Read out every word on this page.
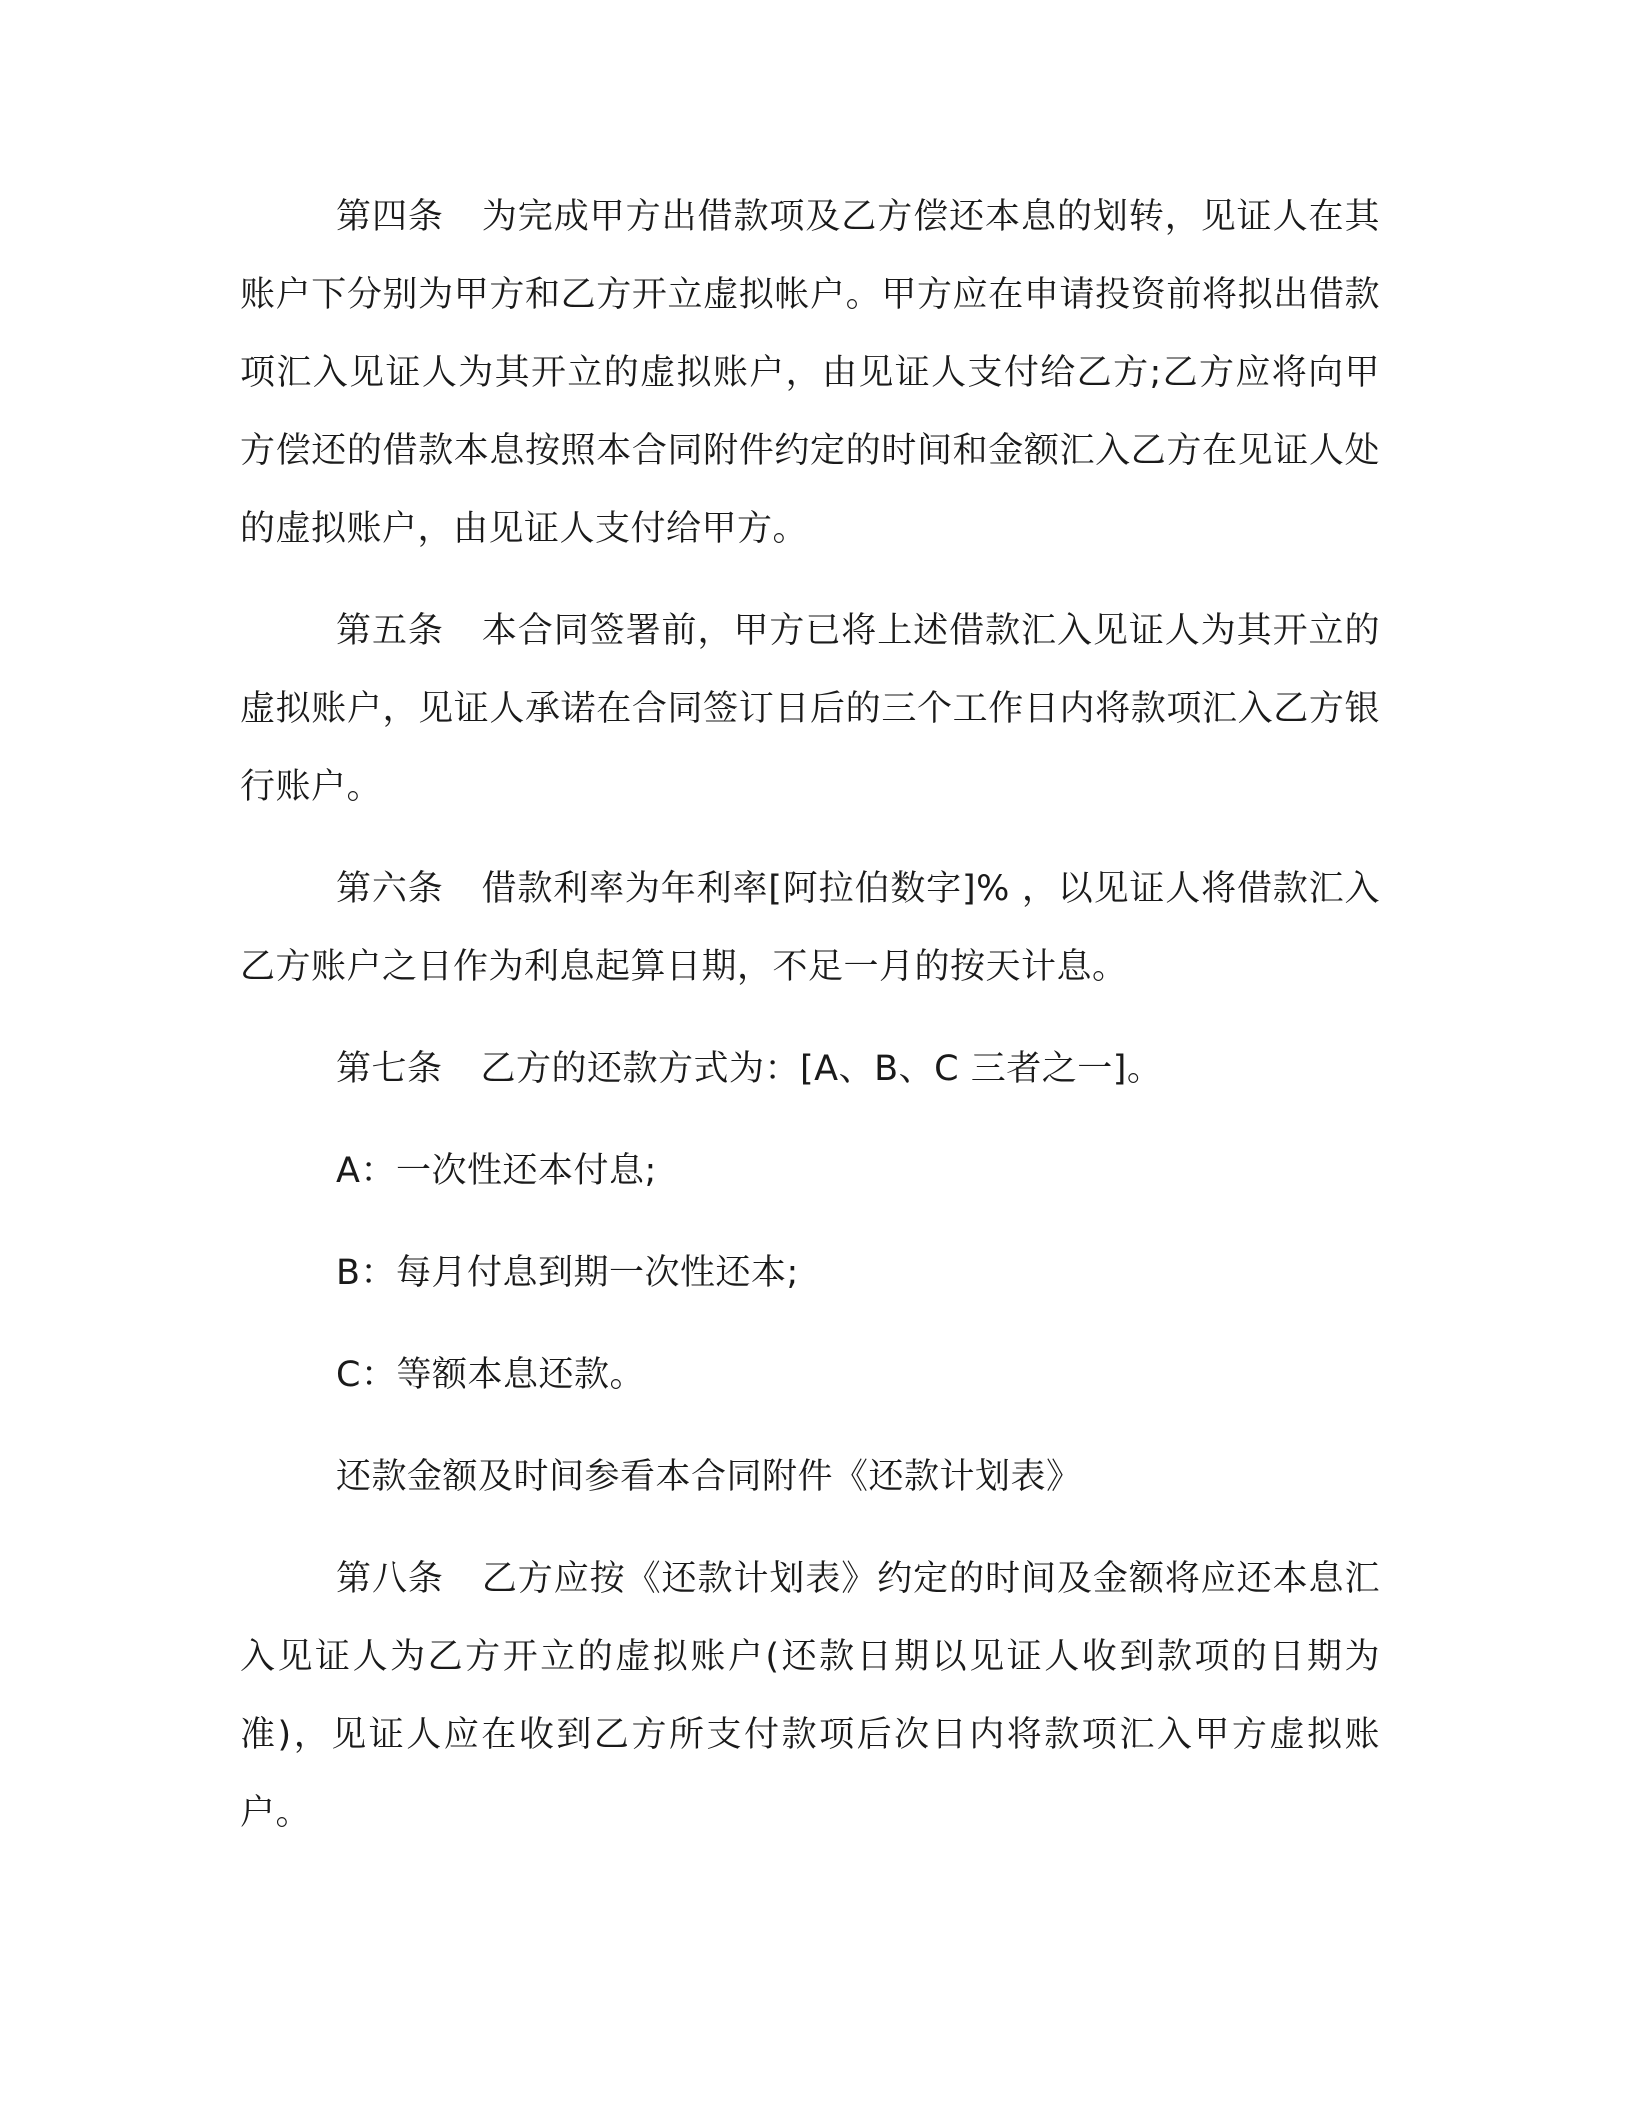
第四条 为完成甲方出借款项及乙方偿还本息的划转，见证人在其账户下分别为甲方和乙方开立虚拟帐户。甲方应在申请投资前将拟出借款项汇入见证人为其开立的虚拟账户，由见证人支付给乙方;乙方应将向甲方偿还的借款本息按照本合同附件约定的时间和金额汇入乙方在见证人处的虚拟账户，由见证人支付给甲方。

第五条 本合同签署前，甲方已将上述借款汇入见证人为其开立的虚拟账户，见证人承诺在合同签订日后的三个工作日内将款项汇入乙方银行账户。

第六条 借款利率为年利率[阿拉伯数字]% ，以见证人将借款汇入乙方账户之日作为利息起算日期，不足一月的按天计息。

第七条 乙方的还款方式为：[A、B、C 三者之一]。

A：一次性还本付息;

B：每月付息到期一次性还本;

C：等额本息还款。

还款金额及时间参看本合同附件《还款计划表》

第八条 乙方应按《还款计划表》约定的时间及金额将应还本息汇入见证人为乙方开立的虚拟账户(还款日期以见证人收到款项的日期为准)，见证人应在收到乙方所支付款项后次日内将款项汇入甲方虚拟账户。
